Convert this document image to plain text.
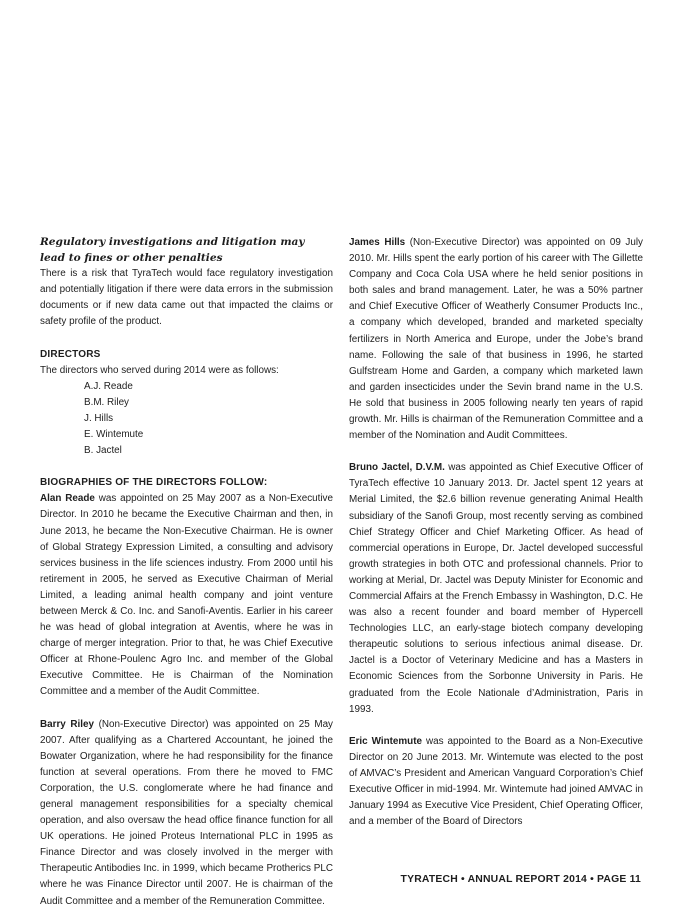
Regulatory investigations and litigation may lead to fines or other penalties

There is a risk that TyraTech would face regulatory investigation and potentially litigation if there were data errors in the submission documents or if new data came out that impacted the claims or safety profile of the product.

DIRECTORS

The directors who served during 2014 were as follows:

A.J. Reade
B.M. Riley
J. Hills
E. Wintemute
B. Jactel

BIOGRAPHIES OF THE DIRECTORS FOLLOW:

Alan Reade was appointed on 25 May 2007 as a Non-Executive Director. In 2010 he became the Executive Chairman and then, in June 2013, he became the Non-Executive Chairman. He is owner of Global Strategy Expression Limited, a consulting and advisory services business in the life sciences industry. From 2000 until his retirement in 2005, he served as Executive Chairman of Merial Limited, a leading animal health company and joint venture between Merck & Co. Inc. and Sanofi-Aventis. Earlier in his career he was head of global integration at Aventis, where he was in charge of merger integration. Prior to that, he was Chief Executive Officer at Rhone-Poulenc Agro Inc. and member of the Global Executive Committee. He is Chairman of the Nomination Committee and a member of the Audit Committee.

Barry Riley (Non-Executive Director) was appointed on 25 May 2007. After qualifying as a Chartered Accountant, he joined the Bowater Organization, where he had responsibility for the finance function at several operations. From there he moved to FMC Corporation, the U.S. conglomerate where he had finance and general management responsibilities for a specialty chemical operation, and also oversaw the head office finance function for all UK operations. He joined Proteus International PLC in 1995 as Finance Director and was closely involved in the merger with Therapeutic Antibodies Inc. in 1999, which became Protherics PLC where he was Finance Director until 2007. He is chairman of the Audit Committee and a member of the Remuneration Committee.

James Hills (Non-Executive Director) was appointed on 09 July 2010. Mr. Hills spent the early portion of his career with The Gillette Company and Coca Cola USA where he held senior positions in both sales and brand management. Later, he was a 50% partner and Chief Executive Officer of Weatherly Consumer Products Inc., a company which developed, branded and marketed specialty fertilizers in North America and Europe, under the Jobe’s brand name. Following the sale of that business in 1996, he started Gulfstream Home and Garden, a company which marketed lawn and garden insecticides under the Sevin brand name in the U.S. He sold that business in 2005 following nearly ten years of rapid growth. Mr. Hills is chairman of the Remuneration Committee and a member of the Nomination and Audit Committees.

Bruno Jactel, D.V.M. was appointed as Chief Executive Officer of TyraTech effective 10 January 2013. Dr. Jactel spent 12 years at Merial Limited, the $2.6 billion revenue generating Animal Health subsidiary of the Sanofi Group, most recently serving as combined Chief Strategy Officer and Chief Marketing Officer. As head of commercial operations in Europe, Dr. Jactel developed successful growth strategies in both OTC and professional channels. Prior to working at Merial, Dr. Jactel was Deputy Minister for Economic and Commercial Affairs at the French Embassy in Washington, D.C. He was also a recent founder and board member of Hypercell Technologies LLC, an early-stage biotech company developing therapeutic solutions to serious infectious animal disease. Dr. Jactel is a Doctor of Veterinary Medicine and has a Masters in Economic Sciences from the Sorbonne University in Paris. He graduated from the Ecole Nationale d’Administration, Paris in 1993.

Eric Wintemute was appointed to the Board as a Non-Executive Director on 20 June 2013. Mr. Wintemute was elected to the post of AMVAC’s President and American Vanguard Corporation’s Chief Executive Officer in mid-1994. Mr. Wintemute had joined AMVAC in January 1994 as Executive Vice President, Chief Operating Officer, and a member of the Board of Directors

TYRATECH • ANNUAL REPORT 2014 • PAGE 11
